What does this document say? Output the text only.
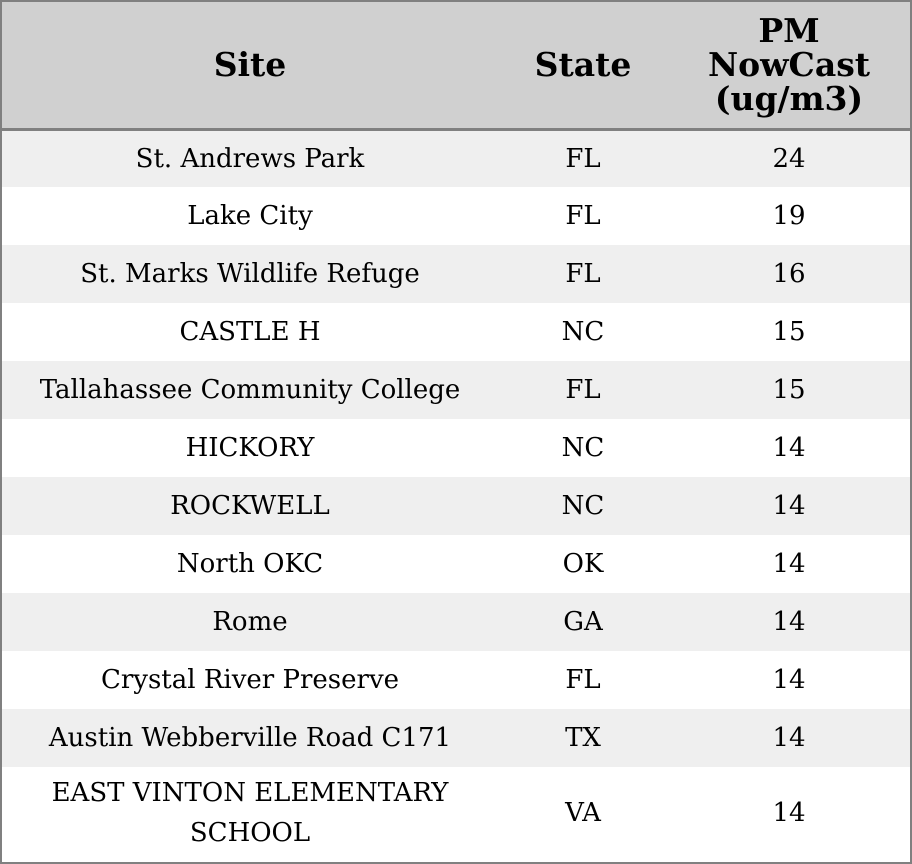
Site	State	PM NowCast (ug/m3)
St. Andrews Park	FL	24
Lake City	FL	19
St. Marks Wildlife Refuge	FL	16
CASTLE H	NC	15
Tallahassee Community College	FL	15
HICKORY	NC	14
ROCKWELL	NC	14
North OKC	OK	14
Rome	GA	14
Crystal River Preserve	FL	14
Austin Webberville Road C171	TX	14
EAST VINTON ELEMENTARY SCHOOL	VA	14
